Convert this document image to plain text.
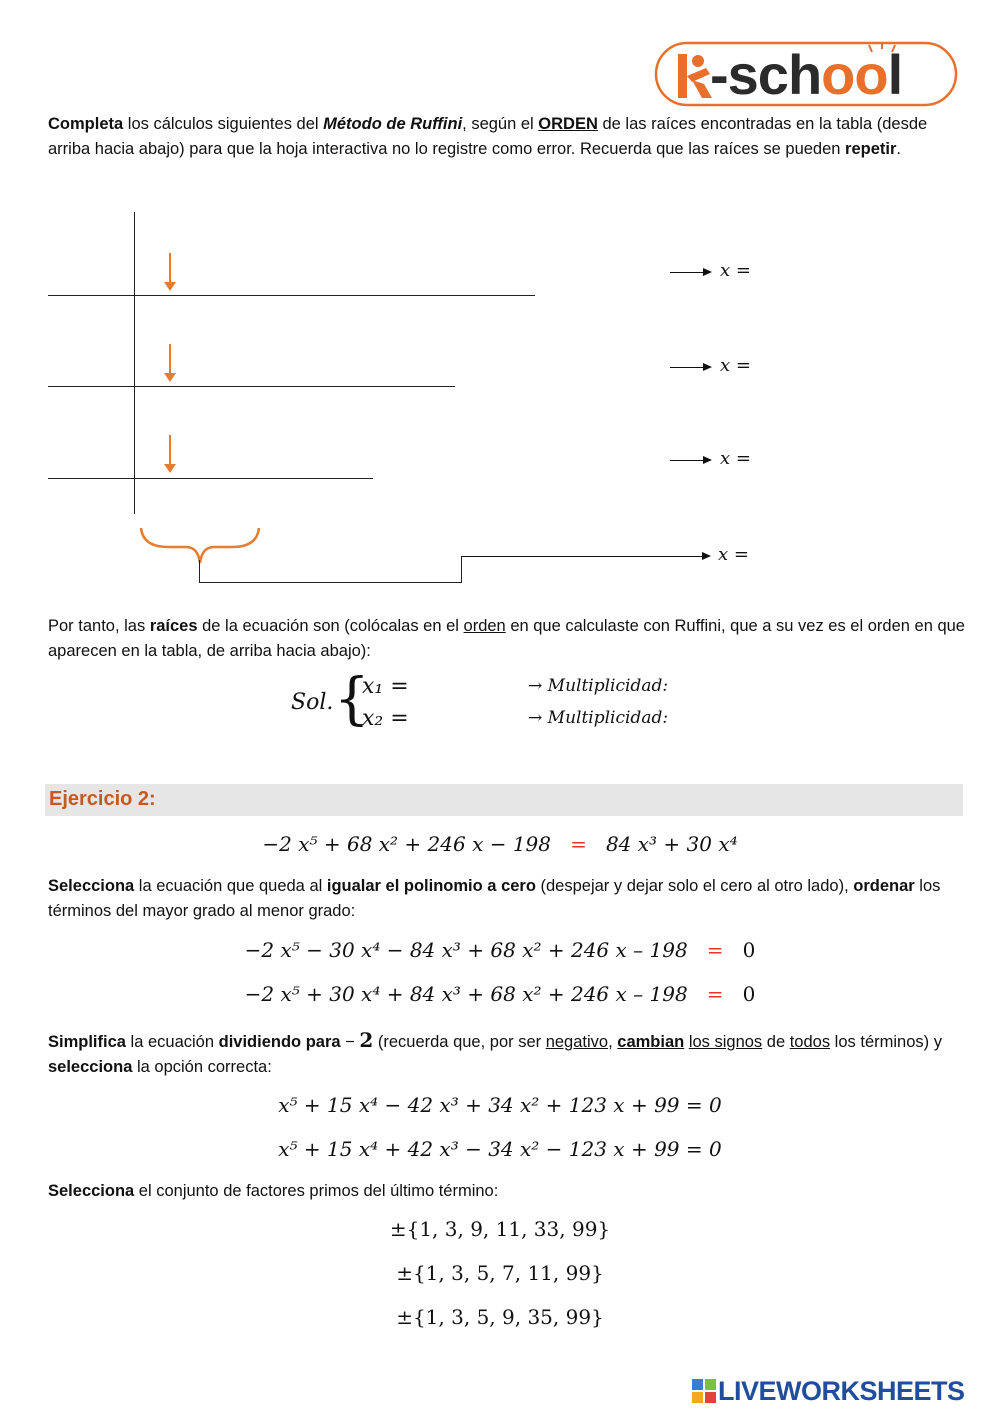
-school
Completa los cálculos siguientes del Método de Ruffini, según el ORDEN de las raíces encontradas en la tabla (desde arriba hacia abajo) para que la hoja interactiva no lo registre como error. Recuerda que las raíces se pueden repetir.
x =
x =
x =
x =
Por tanto, las raíces de la ecuación son (colócalas en el orden en que calculaste con Ruffini, que a su vez es el orden en que aparecen en la tabla, de arriba hacia abajo):
Sol. {
x₁ =
x₂ =
→ Multiplicidad:
→ Multiplicidad:
Ejercicio 2:
−2 x⁵ + 68 x² + 246 x − 198 = 84 x³ + 30 x⁴
Selecciona la ecuación que queda al igualar el polinomio a cero (despejar y dejar solo el cero al otro lado), ordenar los términos del mayor grado al menor grado:
−2 x⁵ − 30 x⁴ − 84 x³ + 68 x² + 246 x – 198 = 0
−2 x⁵ + 30 x⁴ + 84 x³ + 68 x² + 246 x – 198 = 0
Simplifica la ecuación dividiendo para − 2 (recuerda que, por ser negativo, cambian los signos de todos los términos) y selecciona la opción correcta:
x⁵ + 15 x⁴ − 42 x³ + 34 x² + 123 x + 99 = 0
x⁵ + 15 x⁴ + 42 x³ − 34 x² − 123 x + 99 = 0
Selecciona el conjunto de factores primos del último término:
±{1, 3, 9, 11, 33, 99}
±{1, 3, 5, 7, 11, 99}
±{1, 3, 5, 9, 35, 99}
LIVEWORKSHEETS
